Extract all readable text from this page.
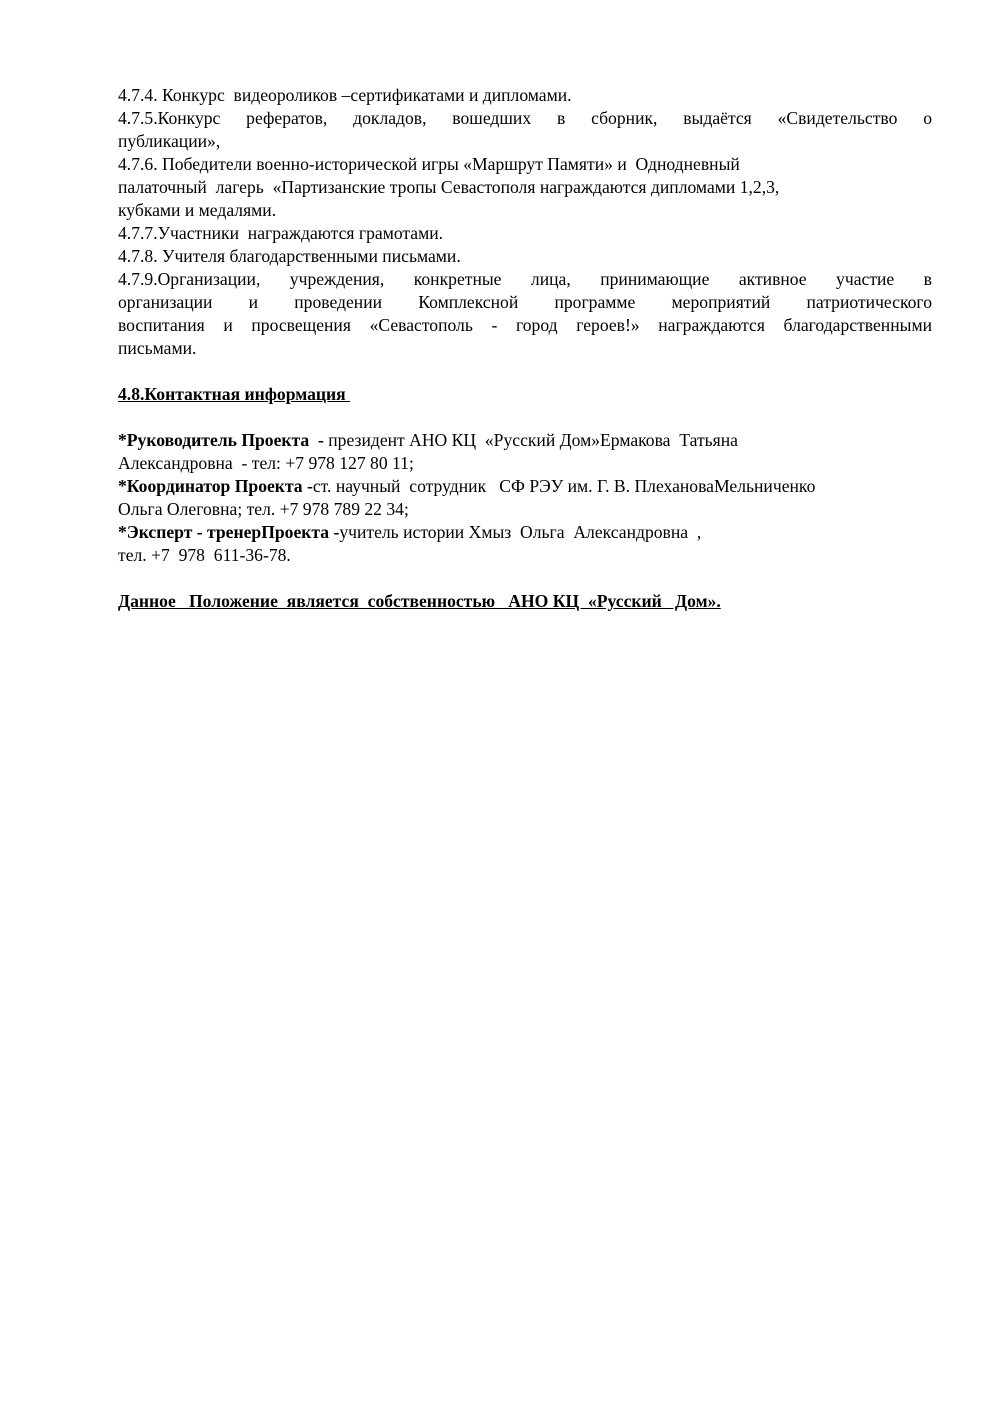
4.7.4. Конкурс  видеороликов –сертификатами и дипломами.
4.7.5.Конкурс рефератов, докладов, вошедших в сборник, выдаётся «Свидетельство о
публикации»,
4.7.6. Победители военно-исторической игры «Маршрут Памяти» и  Однодневный
палаточный  лагерь  «Партизанские тропы Севастополя награждаются дипломами 1,2,3,
кубками и медалями.
4.7.7.Участники  награждаются грамотами.
4.7.8. Учителя благодарственными письмами.
4.7.9.Организации, учреждения, конкретные лица, принимающие активное участие в
организации и проведении Комплексной программе мероприятий патриотического
воспитания и просвещения «Севастополь - город героев!» награждаются благодарственными
письмами.
4.8.Контактная информация
*Руководитель Проекта  - президент АНО КЦ  «Русский Дом»Ермакова  Татьяна
Александровна  - тел: +7 978 127 80 11;
*Координатор Проекта -ст. научный  сотрудник   СФ РЭУ им. Г. В. ПлехановаМельниченко
Ольга Олеговна; тел. +7 978 789 22 34;
*Эксперт - тренерПроекта -учитель истории Хмыз  Ольга  Александровна  ,
тел. +7  978  611-36-78.
Данное   Положение  является  собственностью   АНО КЦ  «Русский   Дом».
